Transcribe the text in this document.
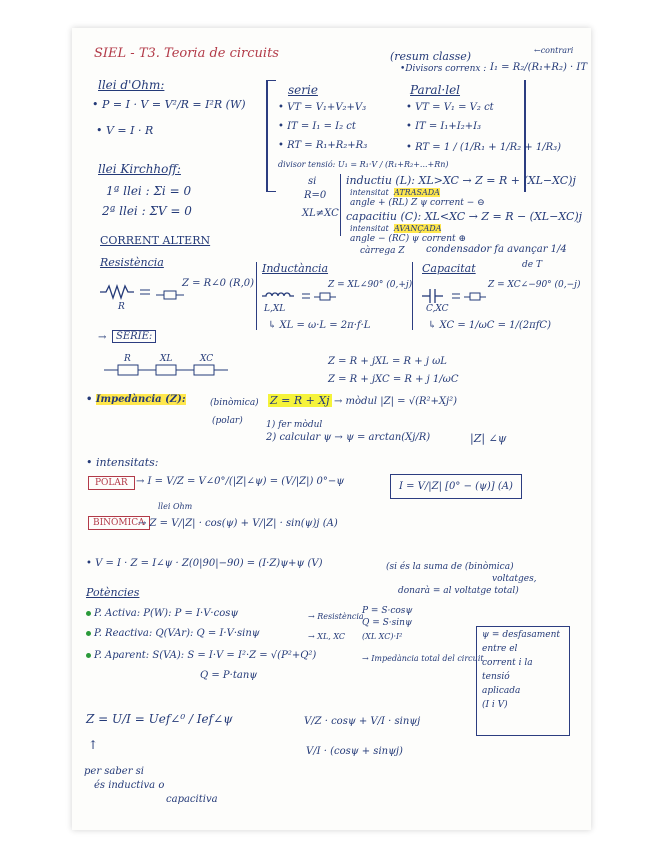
SIEL - T3. Teoria de circuits	(resum classe)
•Divisors correnx : I₁ = R₂/(R₁+R₂) · IT
←contrari
llei d'Ohm:
• P = I · V = V²/R = I²R (W)
• V = I · R
serie
• VT = V₁+V₂+V₃
• IT = I₁ = I₂ ct
• RT = R₁+R₂+R₃
divisor tensió: U₁ = R₁·V / (R₁+R₂+...+Rn)
Paral·lel
• VT = V₁ = V₂ ct
• IT = I₁+I₂+I₃
• RT = 1 / (1/R₁ + 1/R₂ + 1/R₃)
llei Kirchhoff:
1ª llei : Σi = 0
2ª llei : ΣV = 0
si
R=0
XL≠XC
inductiu (L): XL>XC → Z = R + (XL−XC)j
intensitat ATRASADA
angle + (RL) Z ψ corrent − ⊖
capacitiu (C): XL<XC → Z = R − (XL−XC)j
intensitat AVANÇADA
angle − (RC) ψ corrent ⊕
càrrega Z condensador fa avançar 1/4
de T
CORRENT ALTERN
Resistència
R
Z = R∠0 (R,0)
Inductància
L,XL
Z = XL∠90° (0,+j)
↳ XL = ω·L = 2π·f·L
Capacitat
C,XC
Z = XC∠−90° (0,−j)
↳ XC = 1/ωC = 1/(2πfC)
→ SERIE:
R	XL	XC	Z = R + jXL = R + j ωL
Z = R + jXC = R + j 1/ωC
• Impedància (Z):	(binòmica) Z = R + Xj → mòdul |Z| = √(R²+Xj²)
(polar)	1) fer mòdul
2) calcular ψ → ψ = arctan(Xj/R)	|Z| ∠ψ
• intensitats:
POLAR → I = V/Z = V∠0°/(|Z|∠ψ) = (V/|Z|) 0°−ψ	I = V/|Z| [0° − (ψ)] (A)
llei Ohm
BINÒMICA
→ Z = V/|Z| · cos(ψ) + V/|Z| · sin(ψ)j (A)
• V = I · Z = I∠ψ · Z(0|90|−90) = (I·Z)ψ+ψ (V)	(si és la suma de (binòmica)
voltatges,
donarà = al voltatge total)
Potències
P. Activa: P(W): P = I·V·cosψ	→ Resistència
P. Reactiva: Q(VAr): Q = I·V·sinψ	→ XL, XC
P. Aparent: S(VA): S = I·V = I²·Z = √(P²+Q²)	→ Impedància total del circuit
Q = P·tanψ
P = S·cosψ
Q = S·sinψ
(XL XC)·I²	ψ = desfasament
entre el
corrent i la
tensió
aplicada
(I i V)
Z = U/I = Uef∠⁰ / Ief∠ψ
↑
per saber si
és inductiva o
capacitiva
V/Z · cosψ + V/I · sinψj
V/I · (cosψ + sinψj)
